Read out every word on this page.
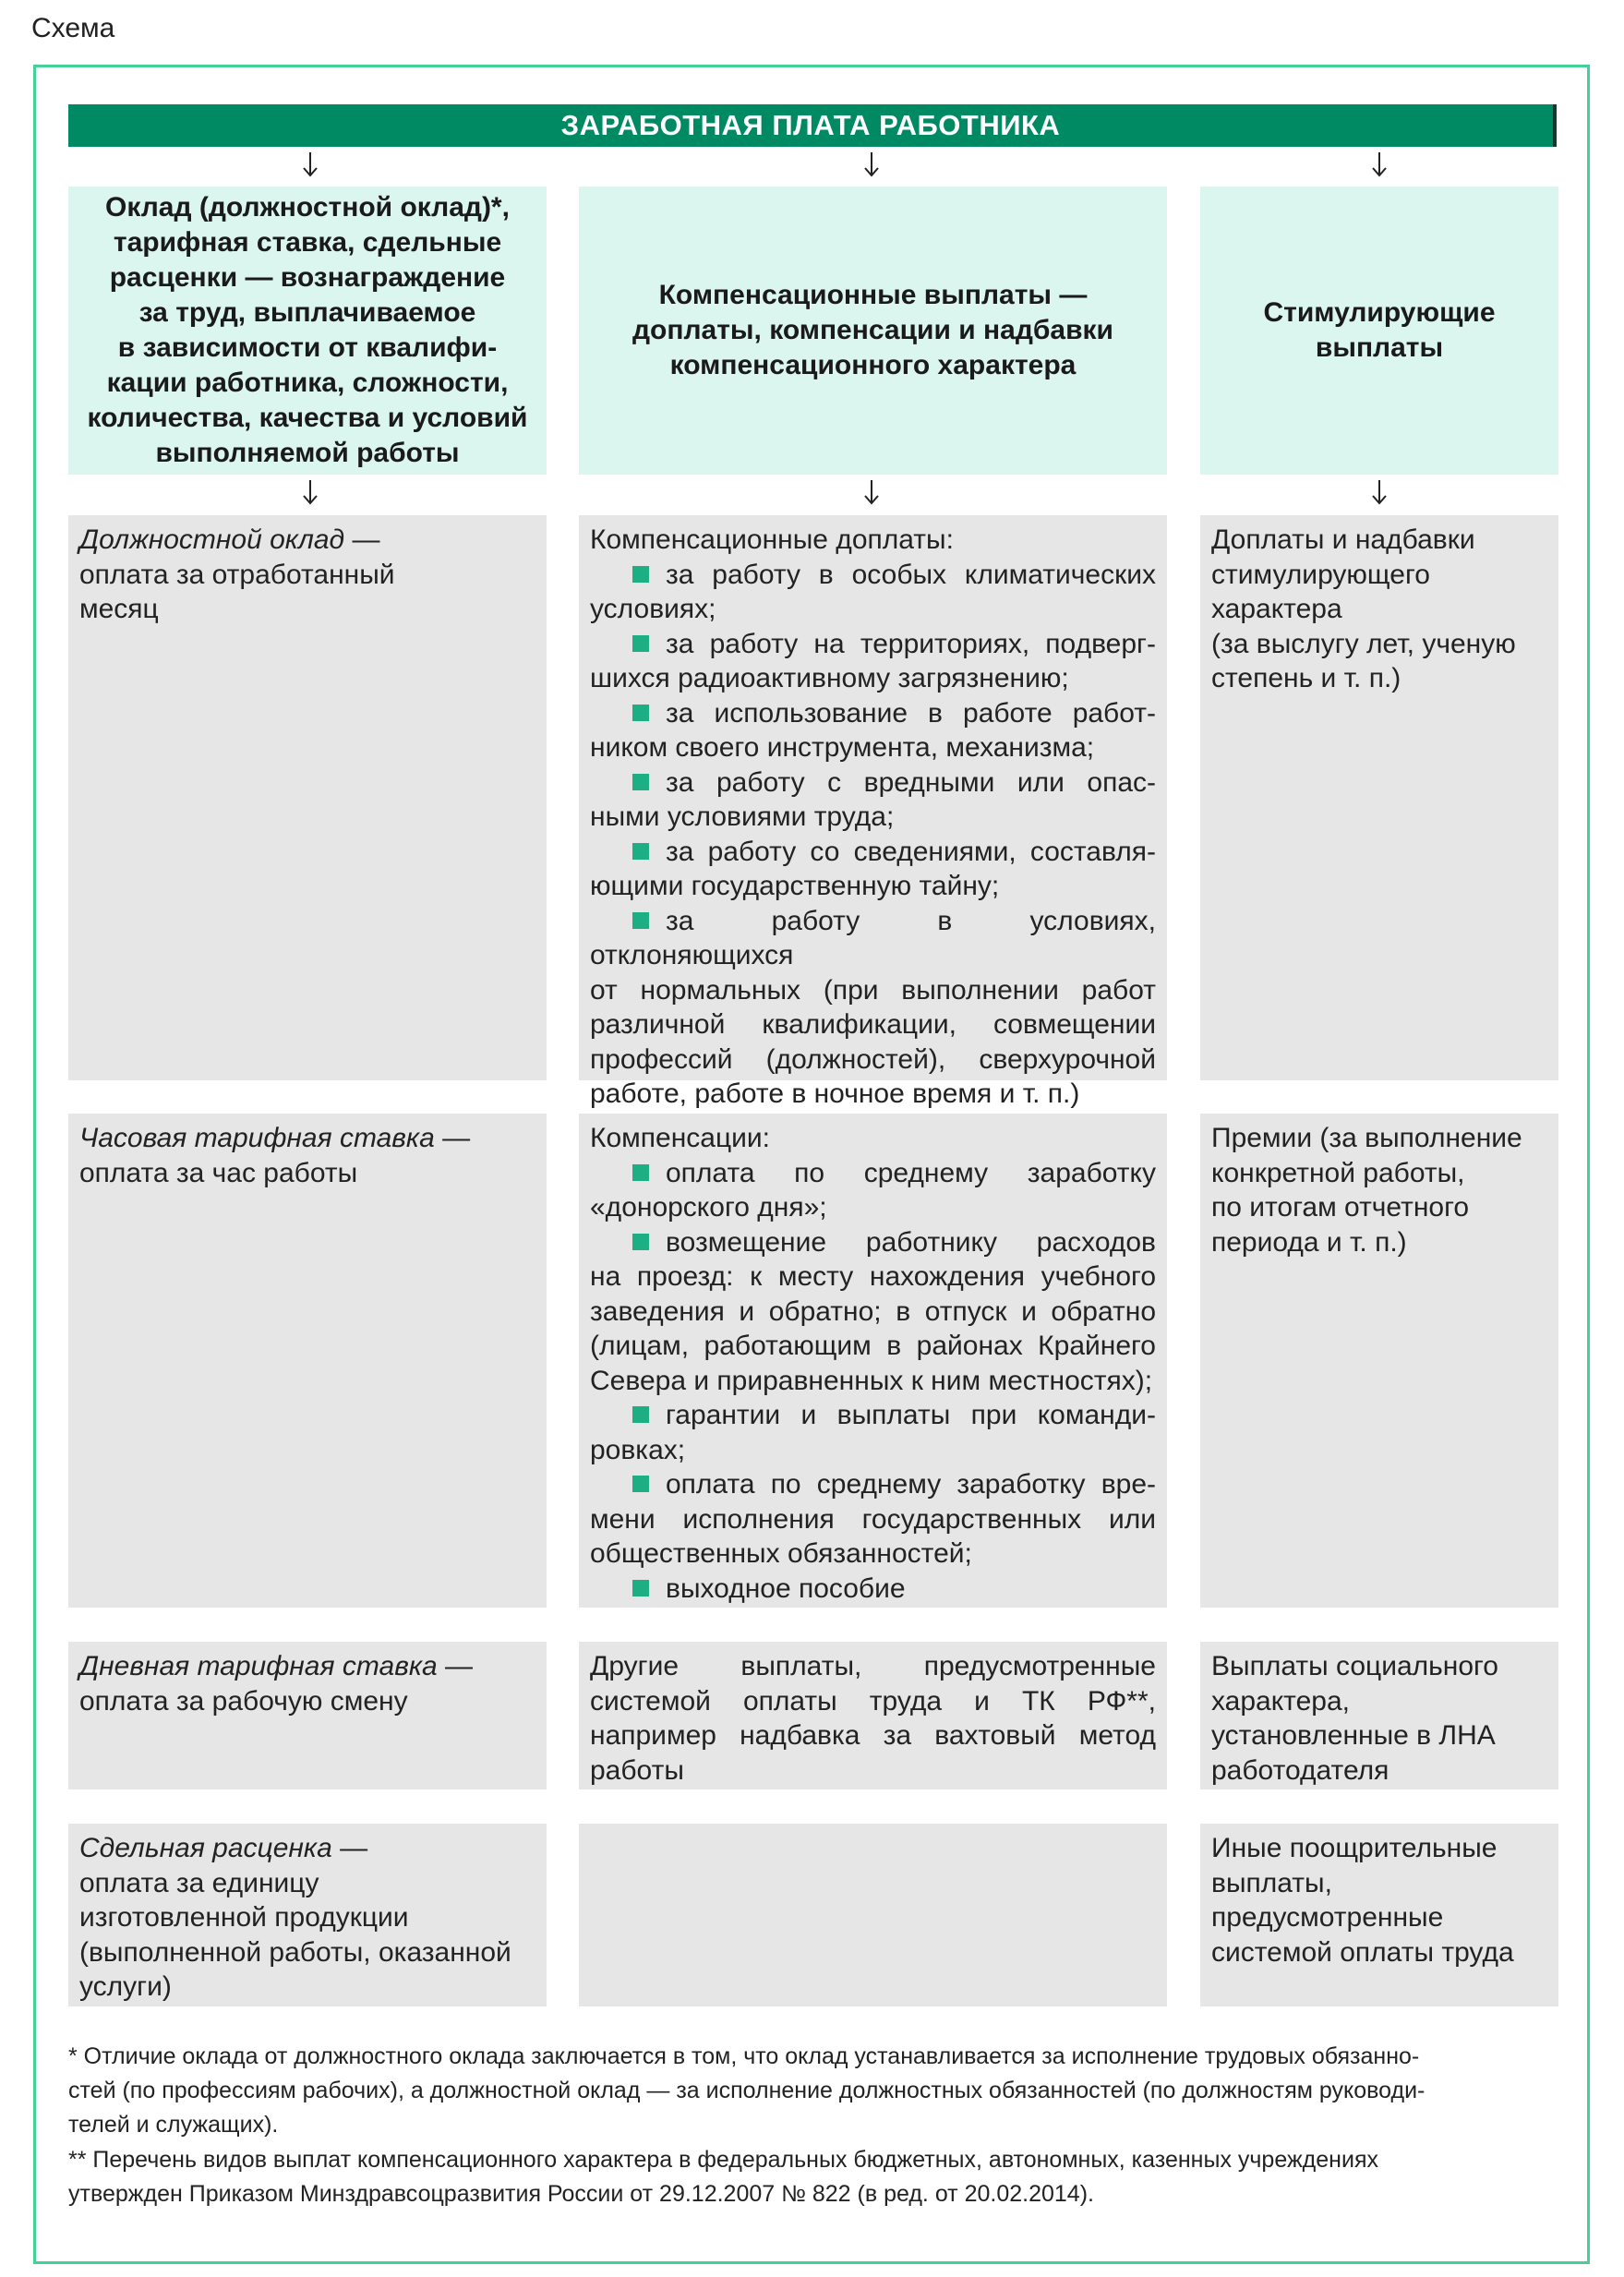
Схема
ЗАРАБОТНАЯ ПЛАТА РАБОТНИКА
Оклад (должностной оклад)*,
тарифная ставка, сдельные
расценки — вознаграждение
за труд, выплачиваемое
в зависимости от квалифи-
кации работника, сложности,
количества, качества и условий
выполняемой работы
Компенсационные выплаты —
доплаты, компенсации и надбавки
компенсационного характера
Стимулирующие
выплаты
Должностной оклад —
оплата за отработанный
месяц
Компенсационные доплаты:
за работу в особых климатических
условиях;
за работу на территориях, подверг-
шихся радиоактивному загрязнению;
за использование в работе работ-
ником своего инструмента, механизма;
за работу с вредными или опас-
ными условиями труда;
за работу со сведениями, составля-
ющими государственную тайну;
за работу в условиях, отклоняющихся
от нормальных (при выполнении работ
различной квалификации, совмещении
профессий (должностей), сверхурочной
работе, работе в ночное время и т. п.)
Доплаты и надбавки
стимулирующего
характера
(за выслугу лет, ученую
степень и т. п.)
Часовая тарифная ставка —
оплата за час работы
Компенсации:
оплата по среднему заработку
«донорского дня»;
возмещение работнику расходов
на проезд: к месту нахождения учебного
заведения и обратно; в отпуск и обратно
(лицам, работающим в районах Крайнего
Севера и приравненных к ним местностях);
гарантии и выплаты при команди-
ровках;
оплата по среднему заработку вре-
мени исполнения государственных или
общественных обязанностей;
выходное пособие
Премии (за выполнение
конкретной работы,
по итогам отчетного
периода и т. п.)
Дневная тарифная ставка —
оплата за рабочую смену
Другие выплаты, предусмотренные
системой оплаты труда и ТК РФ**,
например надбавка за вахтовый метод
работы
Выплаты социального
характера,
установленные в ЛНА
работодателя
Сдельная расценка —
оплата за единицу
изготовленной продукции
(выполненной работы, оказанной
услуги)
Иные поощрительные
выплаты,
предусмотренные
системой оплаты труда
* Отличие оклада от должностного оклада заключается в том, что оклад устанавливается за исполнение трудовых обязанно-
стей (по профессиям рабочих), а должностной оклад — за исполнение должностных обязанностей (по должностям руководи-
телей и служащих).
** Перечень видов выплат компенсационного характера в федеральных бюджетных, автономных, казенных учреждениях
утвержден Приказом Минздравсоцразвития России от 29.12.2007 № 822 (в ред. от 20.02.2014).
